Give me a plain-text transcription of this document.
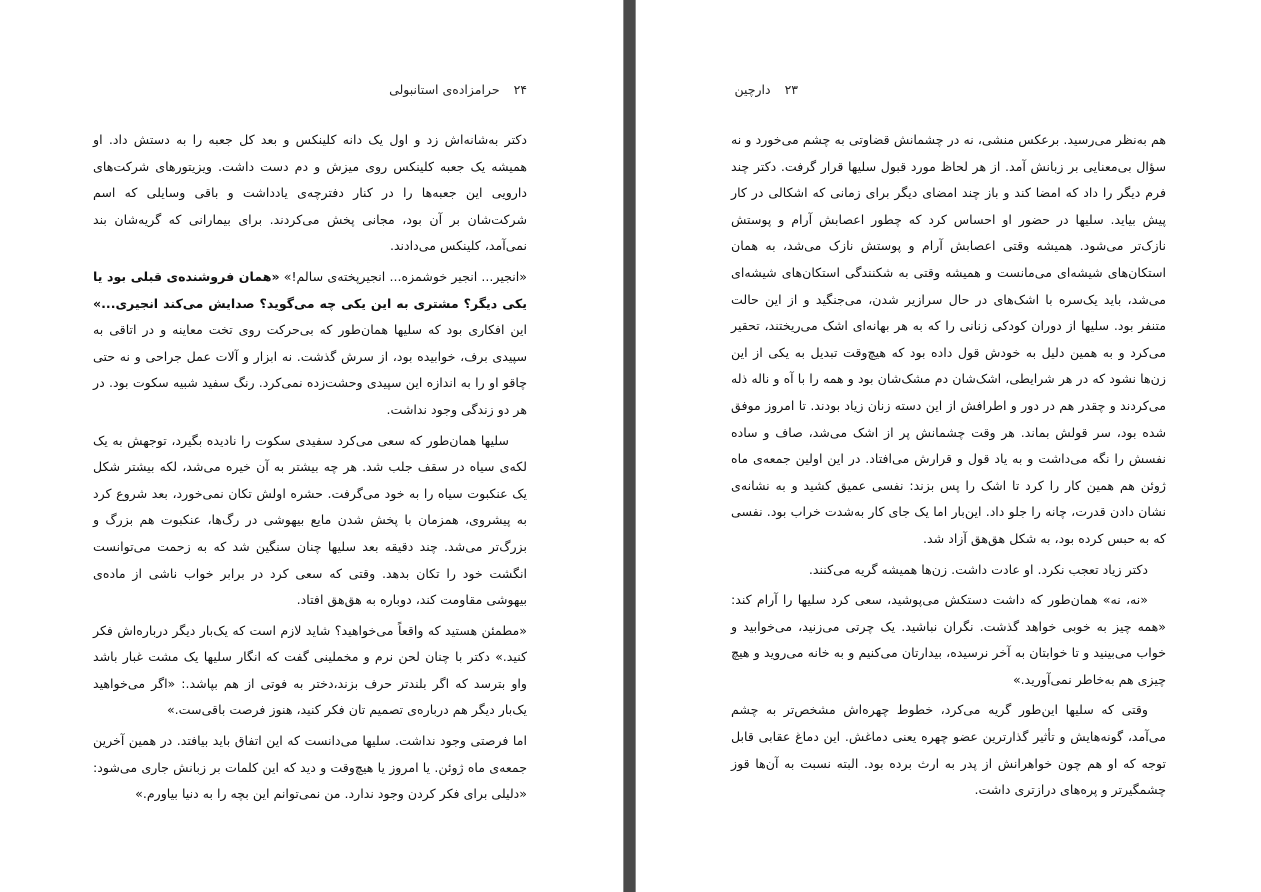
۲۴حرامزاده‌ی استانبولی

دکتر به‌شانه‌اش زد و اول یک دانه کلینکس و بعد کل جعبه را به دستش داد. او همیشه یک جعبه کلینکس روی میزش و دم دست داشت. ویزیتورهای شرکت‌های دارویی این جعبه‌ها را در کنار دفترچه‌ی یادداشت و باقی وسایلی که اسم شرکت‌شان بر آن بود، مجانی پخش می‌کردند. برای بیمارانی که گریه‌شان بند نمی‌آمد، کلینکس می‌دادند.

«انجیر... انجیر خوشمزه... انجیرپخته‌ی سالم!» «همان فروشنده‌ی قبلی بود یا یکی دیگر؟ مشتری به این یکی چه می‌گوید؟ صدایش می‌کند انجیری...» این افکاری بود که سلیها همان‌طور که بی‌حرکت روی تخت معاینه و در اتاقی به سپیدی برف، خوابیده بود، از سرش گذشت. نه ابزار و آلات عمل جراحی و نه حتی چاقو او را به اندازه این سپیدی وحشت‌زده نمی‌کرد. رنگ سفید شبیه سکوت بود. در هر دو زندگی وجود نداشت.

سلیها همان‌طور که سعی می‌کرد سفیدی سکوت را نادیده بگیرد، توجهش به یک لکه‌ی سیاه در سقف جلب شد. هر چه بیشتر به آن خیره می‌شد، لکه بیشتر شکل یک عنکبوت سیاه را به خود می‌گرفت. حشره اولش تکان نمی‌خورد، بعد شروع کرد به پیشروی، همزمان با پخش شدن مایع بیهوشی در رگ‌ها، عنکبوت هم بزرگ و بزرگ‌تر می‌شد. چند دقیقه بعد سلیها چنان سنگین شد که به زحمت می‌توانست انگشت خود را تکان بدهد. وقتی که سعی کرد در برابر خواب ناشی از ماده‌ی بیهوشی مقاومت کند، دوباره به هق‌هق افتاد.

«مطمئن هستید که واقعاً می‌خواهید؟ شاید لازم است که یک‌بار دیگر درباره‌اش فکر کنید.» دکتر با چنان لحن نرم و مخملینی گفت که انگار سلیها یک مشت غبار باشد واو بترسد که اگر بلندتر حرف بزند،دختر به فوتی از هم بپاشد.: «اگر می‌خواهید یک‌بار دیگر هم درباره‌ی تصمیم تان فکر کنید، هنوز فرصت باقی‌ست.»

اما فرصتی وجود نداشت. سلیها می‌دانست که این اتفاق باید بیافتد. در همین آخرین جمعه‌ی ماه ژوئن. یا امروز یا هیچ‌وقت و دید که این کلمات بر زبانش جاری می‌شود: «دلیلی برای فکر کردن وجود ندارد. من نمی‌توانم این بچه را به دنیا بیاورم.»

۲۳دارچین

هم به‌نظر می‌رسید. برعکس منشی، نه در چشمانش قضاوتی به چشم می‌خورد و نه سؤال بی‌معنایی بر زبانش آمد. از هر لحاظ مورد قبول سلیها قرار گرفت. دکتر چند فرم دیگر را داد که امضا کند و باز چند امضای دیگر برای زمانی که اشکالی در کار پیش بیاید. سلیها در حضور او احساس کرد که چطور اعصابش آرام و پوستش نازک‌تر می‌شود. همیشه وقتی اعصابش آرام و پوستش نازک می‌شد، به همان استکان‌های شیشه‌ای می‌مانست و همیشه وقتی به شکنندگی استکان‌های شیشه‌ای می‌شد، باید یک‌سره با اشک‌های در حال سرازیر شدن، می‌جنگید و از این حالت متنفر بود. سلیها از دوران کودکی زنانی را که به هر بهانه‌ای اشک می‌ریختند، تحقیر می‌کرد و به همین دلیل به خودش قول داده بود که هیچ‌وقت تبدیل به یکی از این زن‌ها نشود که در هر شرایطی، اشک‌شان دم مشک‌شان بود و همه را با آه و ناله ذله می‌کردند و چقدر هم در دور و اطرافش از این دسته زنان زیاد بودند. تا امروز موفق شده بود، سر قولش بماند. هر وقت چشمانش پر از اشک می‌شد، صاف و ساده نفسش را نگه می‌داشت و به یاد قول و قرارش می‌افتاد. در این اولین جمعه‌ی ماه ژوئن هم همین کار را کرد تا اشک را پس بزند: نفسی عمیق کشید و به نشانه‌ی نشان دادن قدرت، چانه را جلو داد. این‌بار اما یک جای کار به‌شدت خراب بود. نفسی که به حبس کرده بود، به شکل هق‌هق آزاد شد.

دکتر زیاد تعجب نکرد. او عادت داشت. زن‌ها همیشه گریه می‌کنند.

«نه، نه» همان‌طور که داشت دستکش می‌پوشید، سعی کرد سلیها را آرام کند: «همه چیز به خوبی خواهد گذشت. نگران نباشید. یک چرتی می‌زنید، می‌خوابید و خواب می‌بینید و تا خوابتان به آخر نرسیده، بیدارتان می‌کنیم و به خانه می‌روید و هیچ چیزی هم به‌خاطر نمی‌آورید.»

وقتی که سلیها این‌طور گریه می‌کرد، خطوط چهره‌اش مشخص‌تر به چشم می‌آمد، گونه‌هایش و تأثیر گذارترین عضو چهره یعنی دماغش. این دماغ عقابی قابل توجه که او هم چون خواهرانش از پدر به ارث برده بود. البته نسبت به آن‌ها قوز چشمگیرتر و پره‌های درازتری داشت.
